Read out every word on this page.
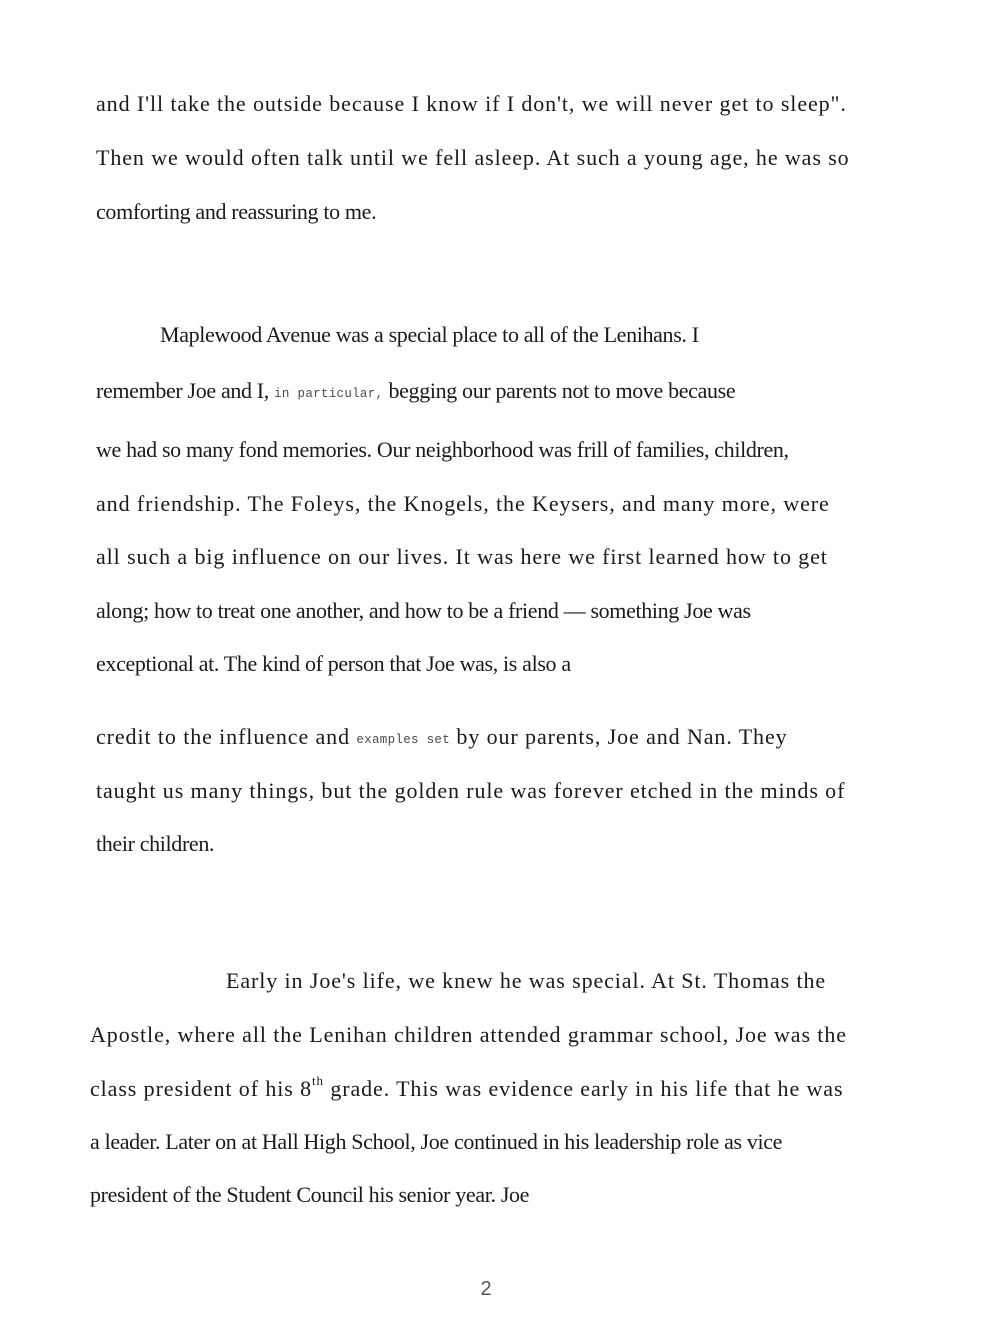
and I'll take the outside because I know if I don't, we will never get to sleep".

Then we would often talk until we fell asleep. At such a young age, he was so

comforting and reassuring to me.

Maplewood Avenue was a special place to all of the Lenihans. I

remember Joe and I, in particular, begging our parents not to move because

we had so many fond memories. Our neighborhood was frill of families, children,

and friendship. The Foleys, the Knogels, the Keysers, and many more, were

all such a big influence on our lives. It was here we first learned how to get

along; how to treat one another, and how to be a friend — something Joe was

exceptional at. The kind of person that Joe was, is also a

credit to the influence and examples set by our parents, Joe and Nan. They

taught us many things, but the golden rule was forever etched in the minds of

their children.

Early in Joe's life, we knew he was special. At St. Thomas the

Apostle, where all the Lenihan children attended grammar school, Joe was the

class president of his 8th grade. This was evidence early in his life that he was

a leader. Later on at Hall High School, Joe continued in his leadership role as vice

president of the Student Council his senior year. Joe

2
